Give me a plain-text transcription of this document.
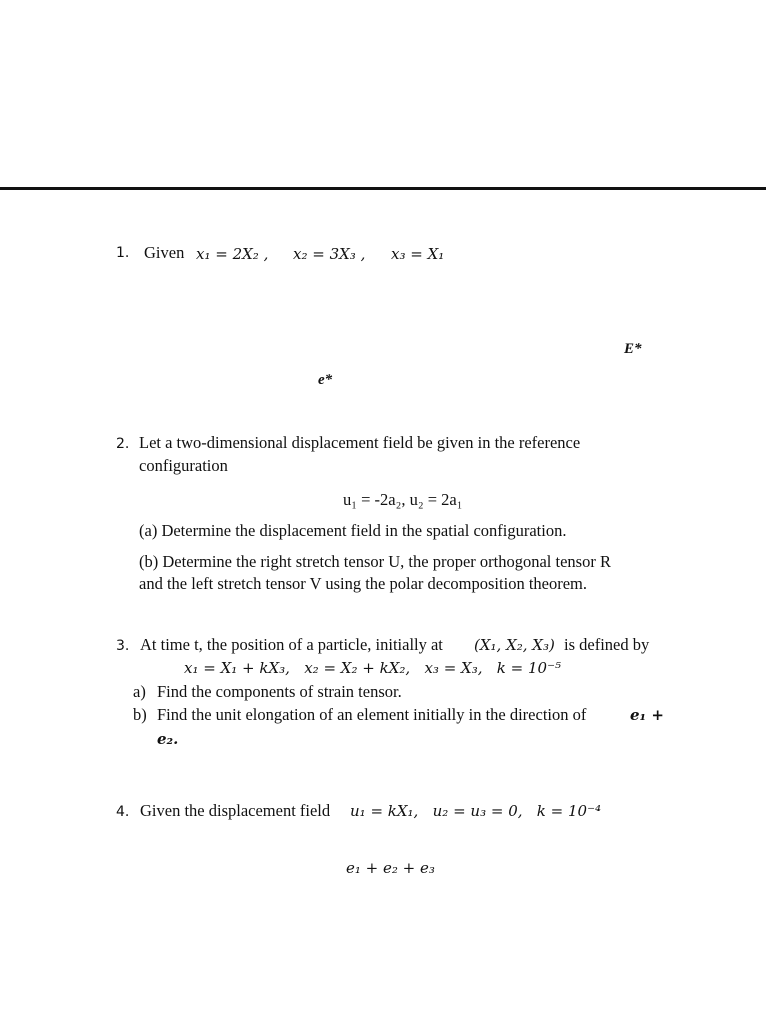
1. Given x₁ = 2X₂ , x₂ = 3X₃ , x₃ = X₁
E*
e*
2. Let a two-dimensional displacement field be given in the reference
configuration
u₁ = -2a₂, u₂ = 2a₁
(a) Determine the displacement field in the spatial configuration.
(b) Determine the right stretch tensor U, the proper orthogonal tensor R
and the left stretch tensor V using the polar decomposition theorem.
3. At time t, the position of a particle, initially at (X₁, X₂, X₃) is defined by
x₁ = X₁ + kX₃,   x₂ = X₂ + kX₂,   x₃ = X₃,   k = 10⁻⁵
a) Find the components of strain tensor.
b) Find the unit elongation of an element initially in the direction of	e₁ +
e₂.
4. Given the displacement field u₁ = kX₁,   u₂ = u₃ = 0,   k = 10⁻⁴
e₁ + e₂ + e₃
